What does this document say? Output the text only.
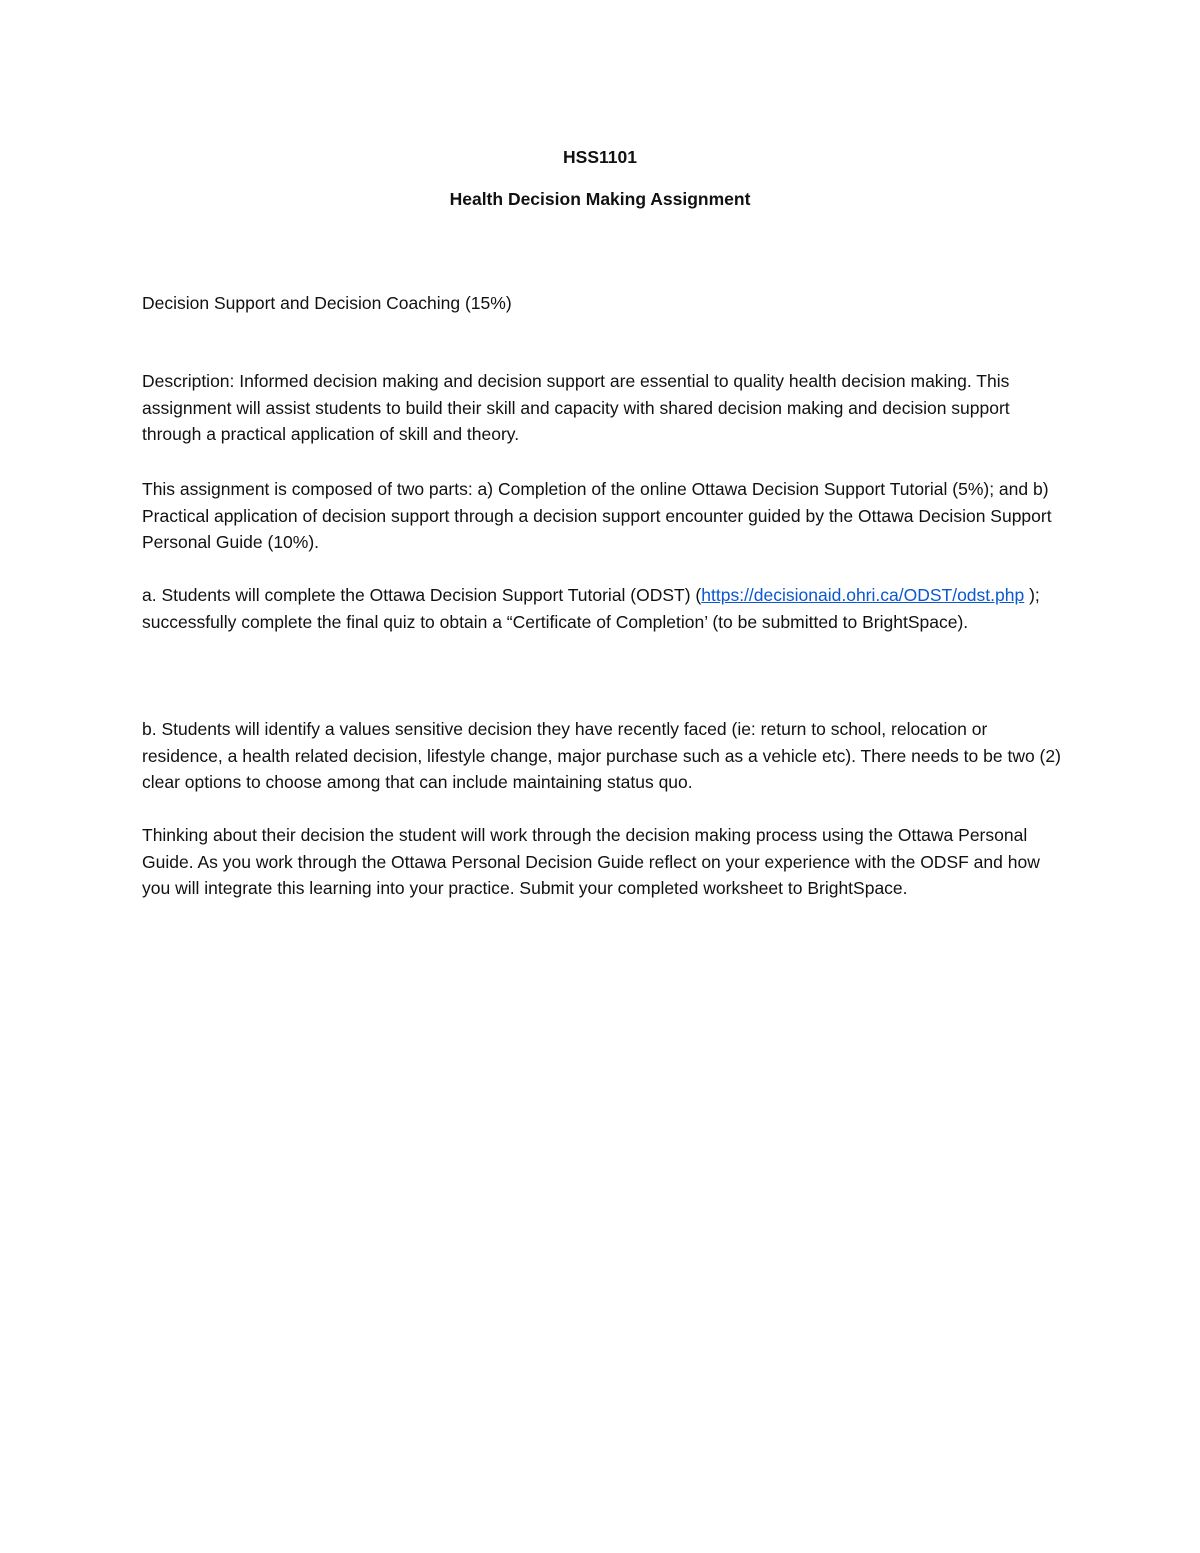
HSS1101
Health Decision Making Assignment

Decision Support and Decision Coaching (15%)

Description: Informed decision making and decision support are essential to quality health decision making. This assignment will assist students to build their skill and capacity with shared decision making and decision support through a practical application of skill and theory.

This assignment is composed of two parts: a) Completion of the online Ottawa Decision Support Tutorial (5%); and b) Practical application of decision support through a decision support encounter guided by the Ottawa Decision Support Personal Guide (10%).

a. Students will complete the Ottawa Decision Support Tutorial (ODST) (https://decisionaid.ohri.ca/ODST/odst.php ); successfully complete the final quiz to obtain a “Certificate of Completion’ (to be submitted to BrightSpace).

b. Students will identify a values sensitive decision they have recently faced (ie: return to school, relocation or residence, a health related decision, lifestyle change, major purchase such as a vehicle etc). There needs to be two (2) clear options to choose among that can include maintaining status quo.

Thinking about their decision the student will work through the decision making process using the Ottawa Personal Guide. As you work through the Ottawa Personal Decision Guide reflect on your experience with the ODSF and how you will integrate this learning into your practice. Submit your completed worksheet to BrightSpace.
